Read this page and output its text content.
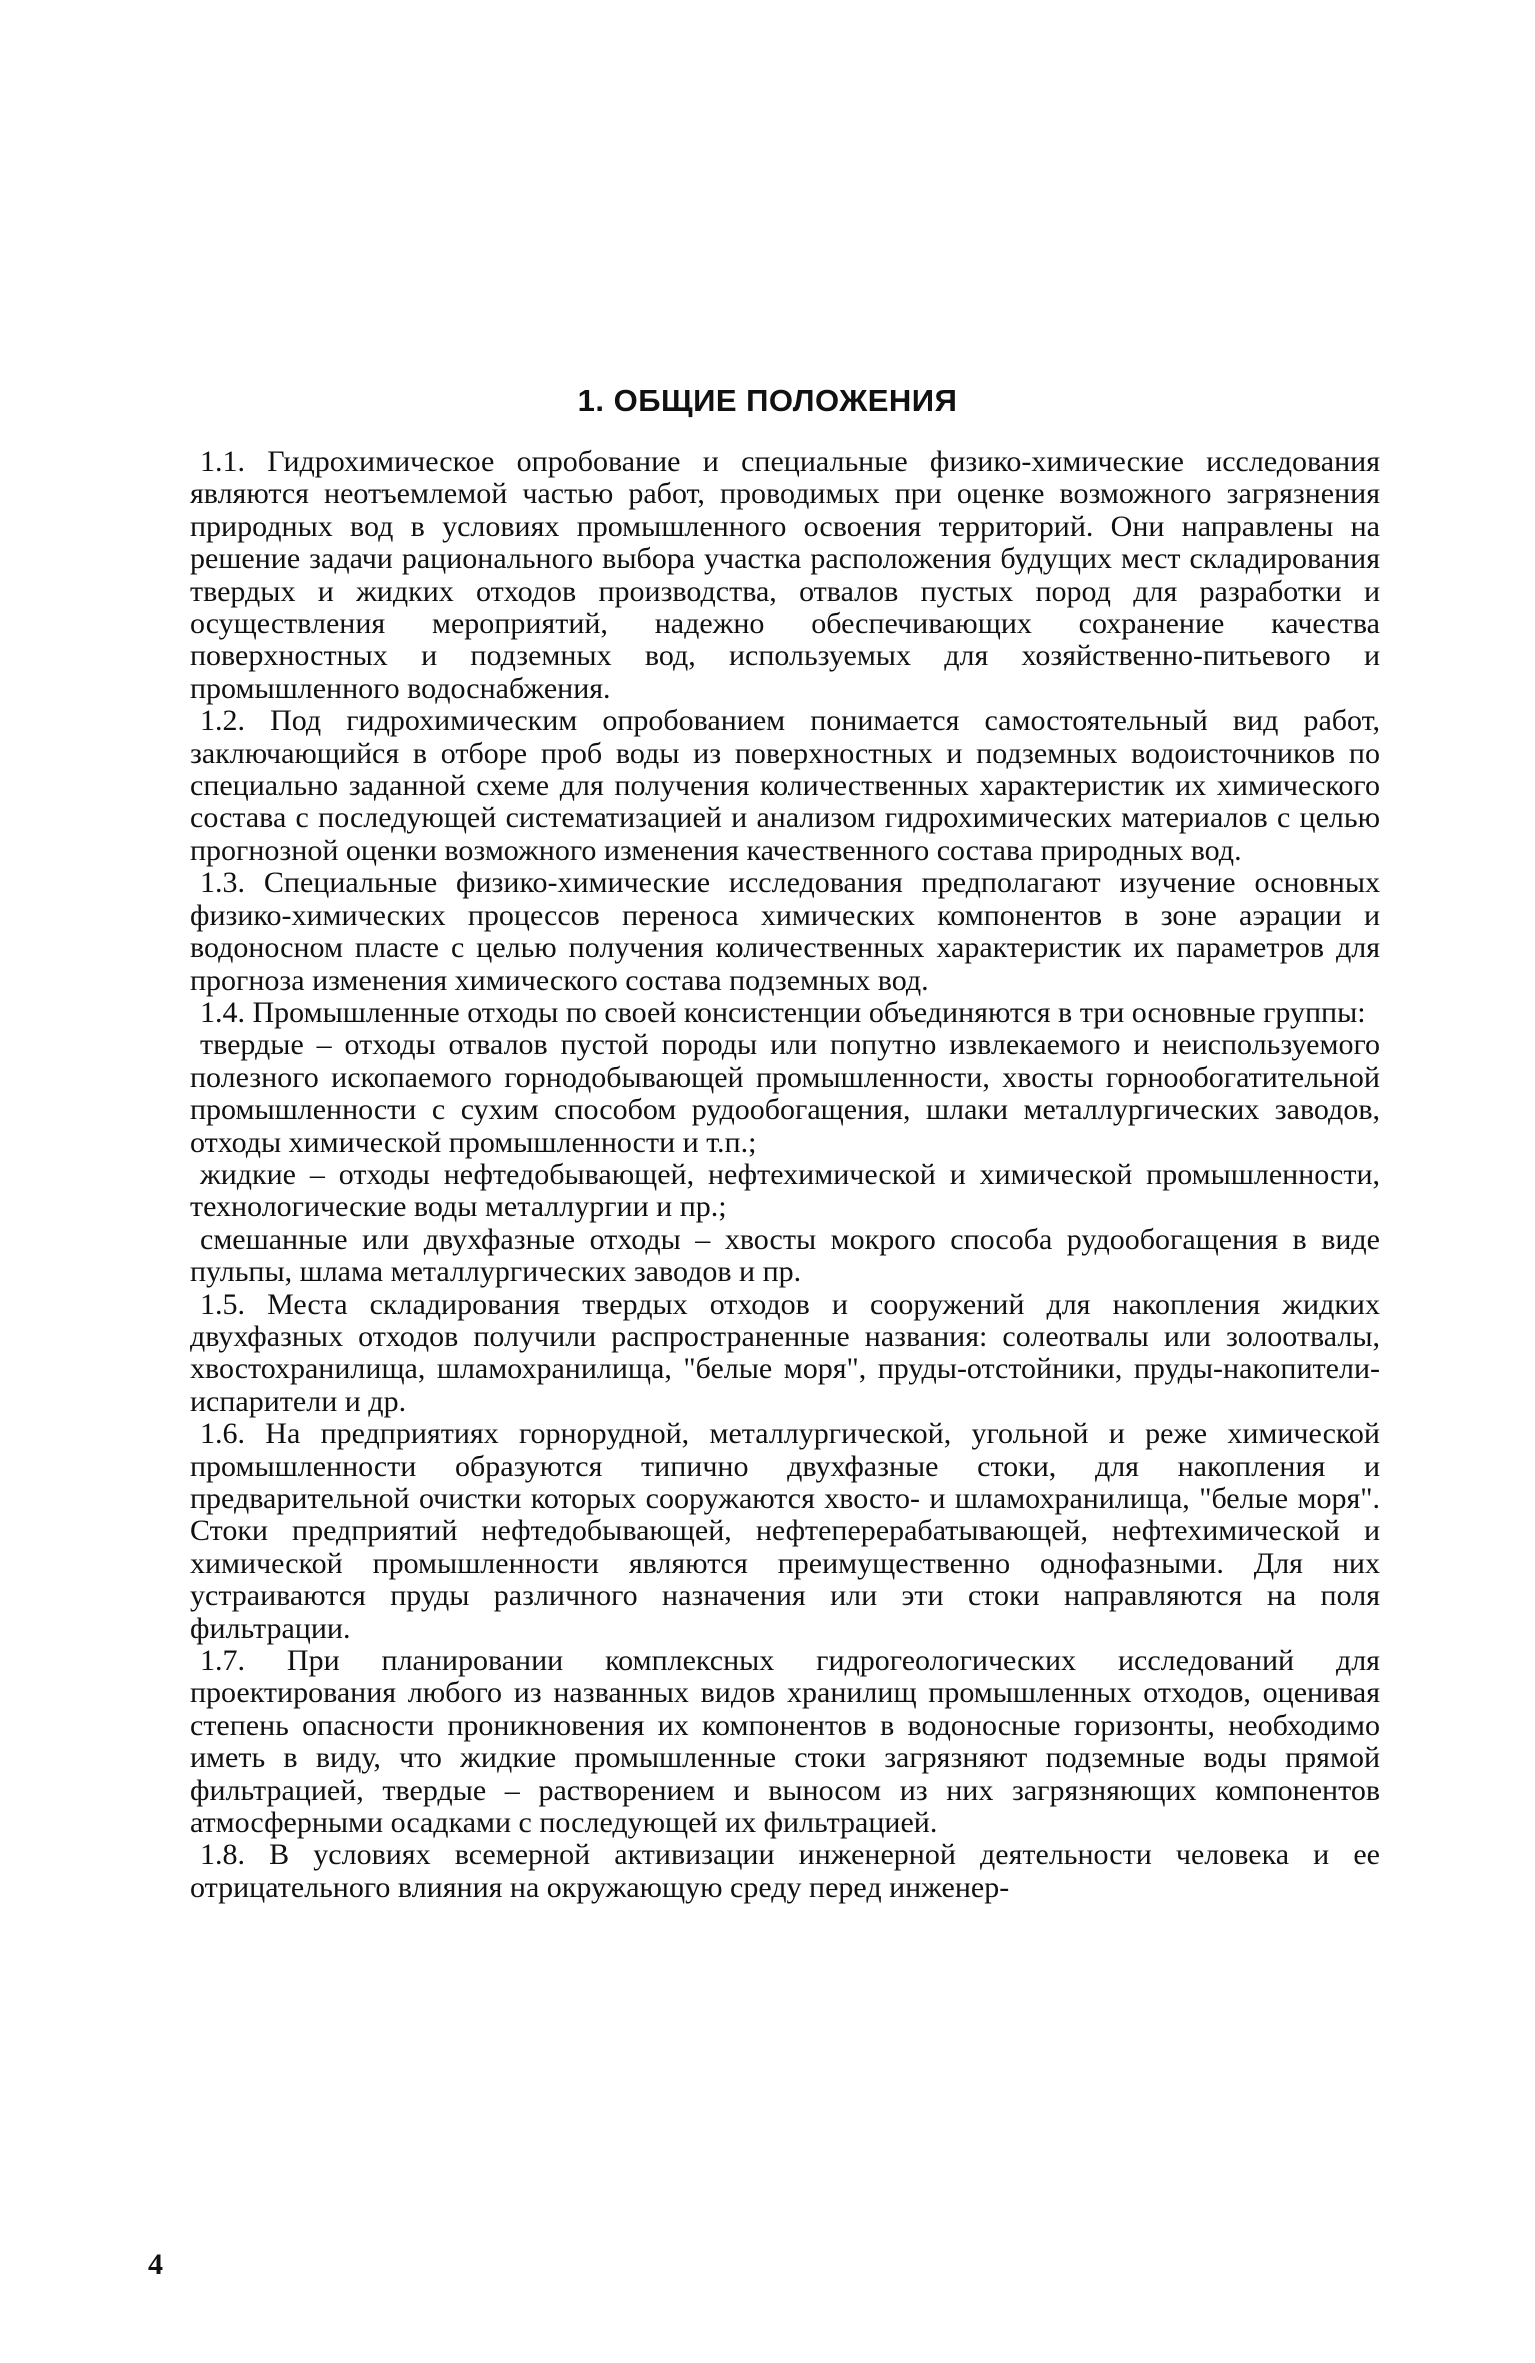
1. ОБЩИЕ ПОЛОЖЕНИЯ

1.1. Гидрохимическое опробование и специальные физико-химические исследования являются неотъемлемой частью работ, проводимых при оценке возможного загрязнения природных вод в условиях промышленного освоения территорий. Они направлены на решение задачи рационального выбора участка расположения будущих мест складирования твердых и жидких отходов производства, отвалов пустых пород для разработки и осуществления мероприятий, надежно обеспечивающих сохранение качества поверхностных и подземных вод, используемых для хозяйственно-питьевого и промышленного водоснабжения.

1.2. Под гидрохимическим опробованием понимается самостоятельный вид работ, заключающийся в отборе проб воды из поверхностных и подземных водоисточников по специально заданной схеме для получения количественных характеристик их химического состава с последующей систематизацией и анализом гидрохимических материалов с целью прогнозной оценки возможного изменения качественного состава природных вод.

1.3. Специальные физико-химические исследования предполагают изучение основных физико-химических процессов переноса химических компонентов в зоне аэрации и водоносном пласте с целью получения количественных характеристик их параметров для прогноза изменения химического состава подземных вод.

1.4. Промышленные отходы по своей консистенции объединяются в три основные группы:

твердые – отходы отвалов пустой породы или попутно извлекаемого и неиспользуемого полезного ископаемого горнодобывающей промышленности, хвосты горнообогатительной промышленности с сухим способом рудообогащения, шлаки металлургических заводов, отходы химической промышленности и т.п.;

жидкие – отходы нефтедобывающей, нефтехимической и химической промышленности, технологические воды металлургии и пр.;

смешанные или двухфазные отходы – хвосты мокрого способа рудообогащения в виде пульпы, шлама металлургических заводов и пр.

1.5. Места складирования твердых отходов и сооружений для накопления жидких двухфазных отходов получили распространенные названия: солеотвалы или золоотвалы, хвостохранилища, шламохранилища, "белые моря", пруды-отстойники, пруды-накопители-испарители и др.

1.6. На предприятиях горнорудной, металлургической, угольной и реже химической промышленности образуются типично двухфазные стоки, для накопления и предварительной очистки которых сооружаются хвосто- и шламохранилища, "белые моря". Стоки предприятий нефтедобывающей, нефтеперерабатывающей, нефтехимической и химической промышленности являются преимущественно однофазными. Для них устраиваются пруды различного назначения или эти стоки направляются на поля фильтрации.

1.7. При планировании комплексных гидрогеологических исследований для проектирования любого из названных видов хранилищ промышленных отходов, оценивая степень опасности проникновения их компонентов в водоносные горизонты, необходимо иметь в виду, что жидкие промышленные стоки загрязняют подземные воды прямой фильтрацией, твердые – растворением и выносом из них загрязняющих компонентов атмосферными осадками с последующей их фильтрацией.

1.8. В условиях всемерной активизации инженерной деятельности человека и ее отрицательного влияния на окружающую среду перед инженер-

4
